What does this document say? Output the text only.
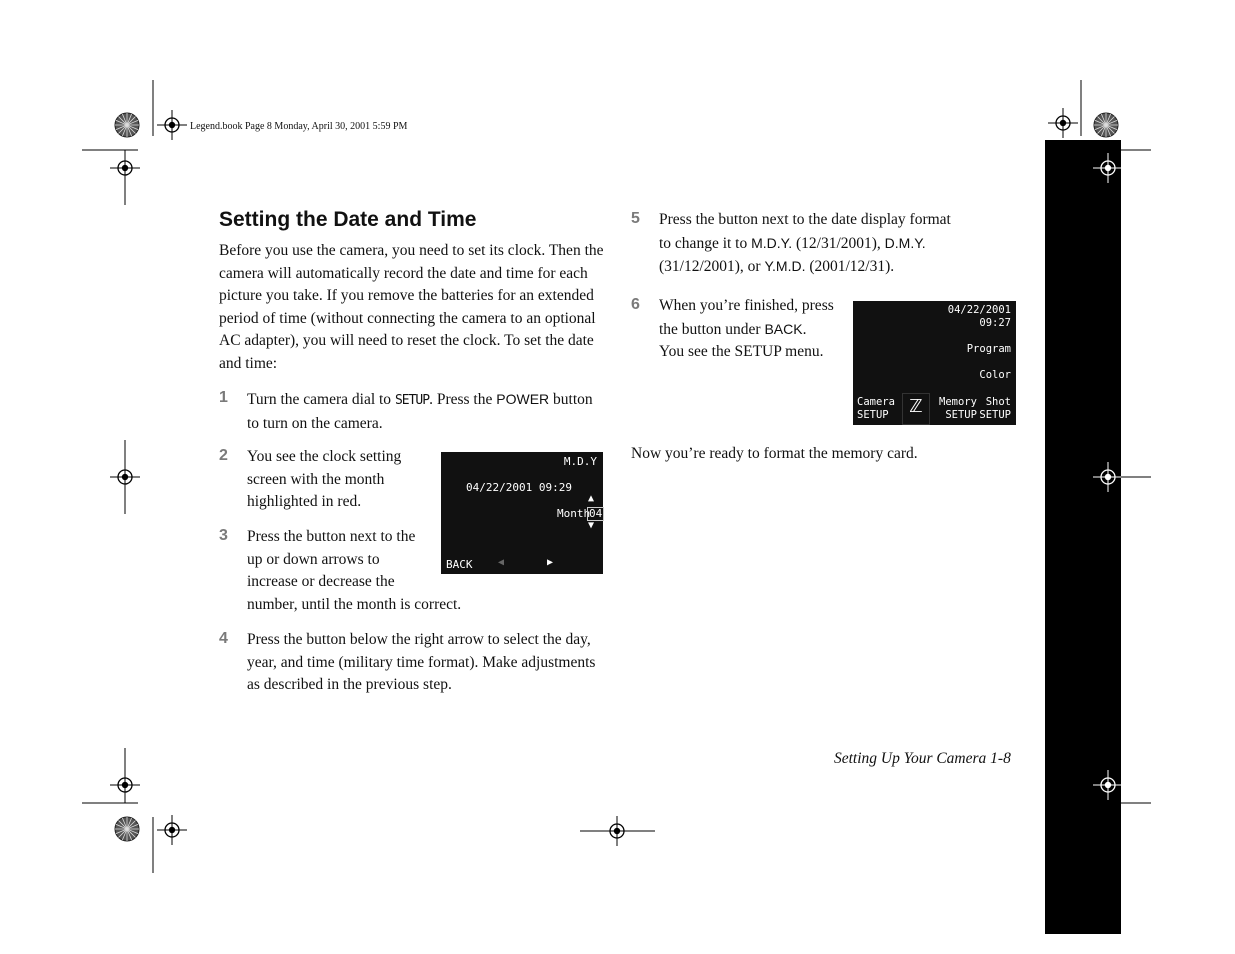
Legend.book Page 8 Monday, April 30, 2001 5:59 PM
Setting the Date and Time
Before you use the camera, you need to set its clock. Then the camera will automatically record the date and time for each picture you take. If you remove the batteries for an extended period of time (without connecting the camera to an optional AC adapter), you will need to reset the clock. To set the date and time:
1 Turn the camera dial to SETUP. Press the POWER button to turn on the camera.
2 You see the clock setting
screen with the month
highlighted in red.
3 Press the button next to the
up or down arrows to
increase or decrease the
number, until the month is correct.
M.D.Y
04/22/2001 09:29
Month
04
▲
▼
BACK	◀	▶
4 Press the button below the right arrow to select the day, year, and time (military time format). Make adjustments as described in the previous step.
5 Press the button next to the date display format
to change it to M.D.Y. (12/31/2001), D.M.Y.
(31/12/2001), or Y.M.D. (2001/12/31).
6 When you’re finished, press
the button under BACK.
You see the SETUP menu.
04/22/2001
09:27
Program
Color
Camera
SETUP	ℤ	Memory
SETUP
Shot
SETUP
Now you’re ready to format the memory card.
Setting Up Your Camera 1-8
